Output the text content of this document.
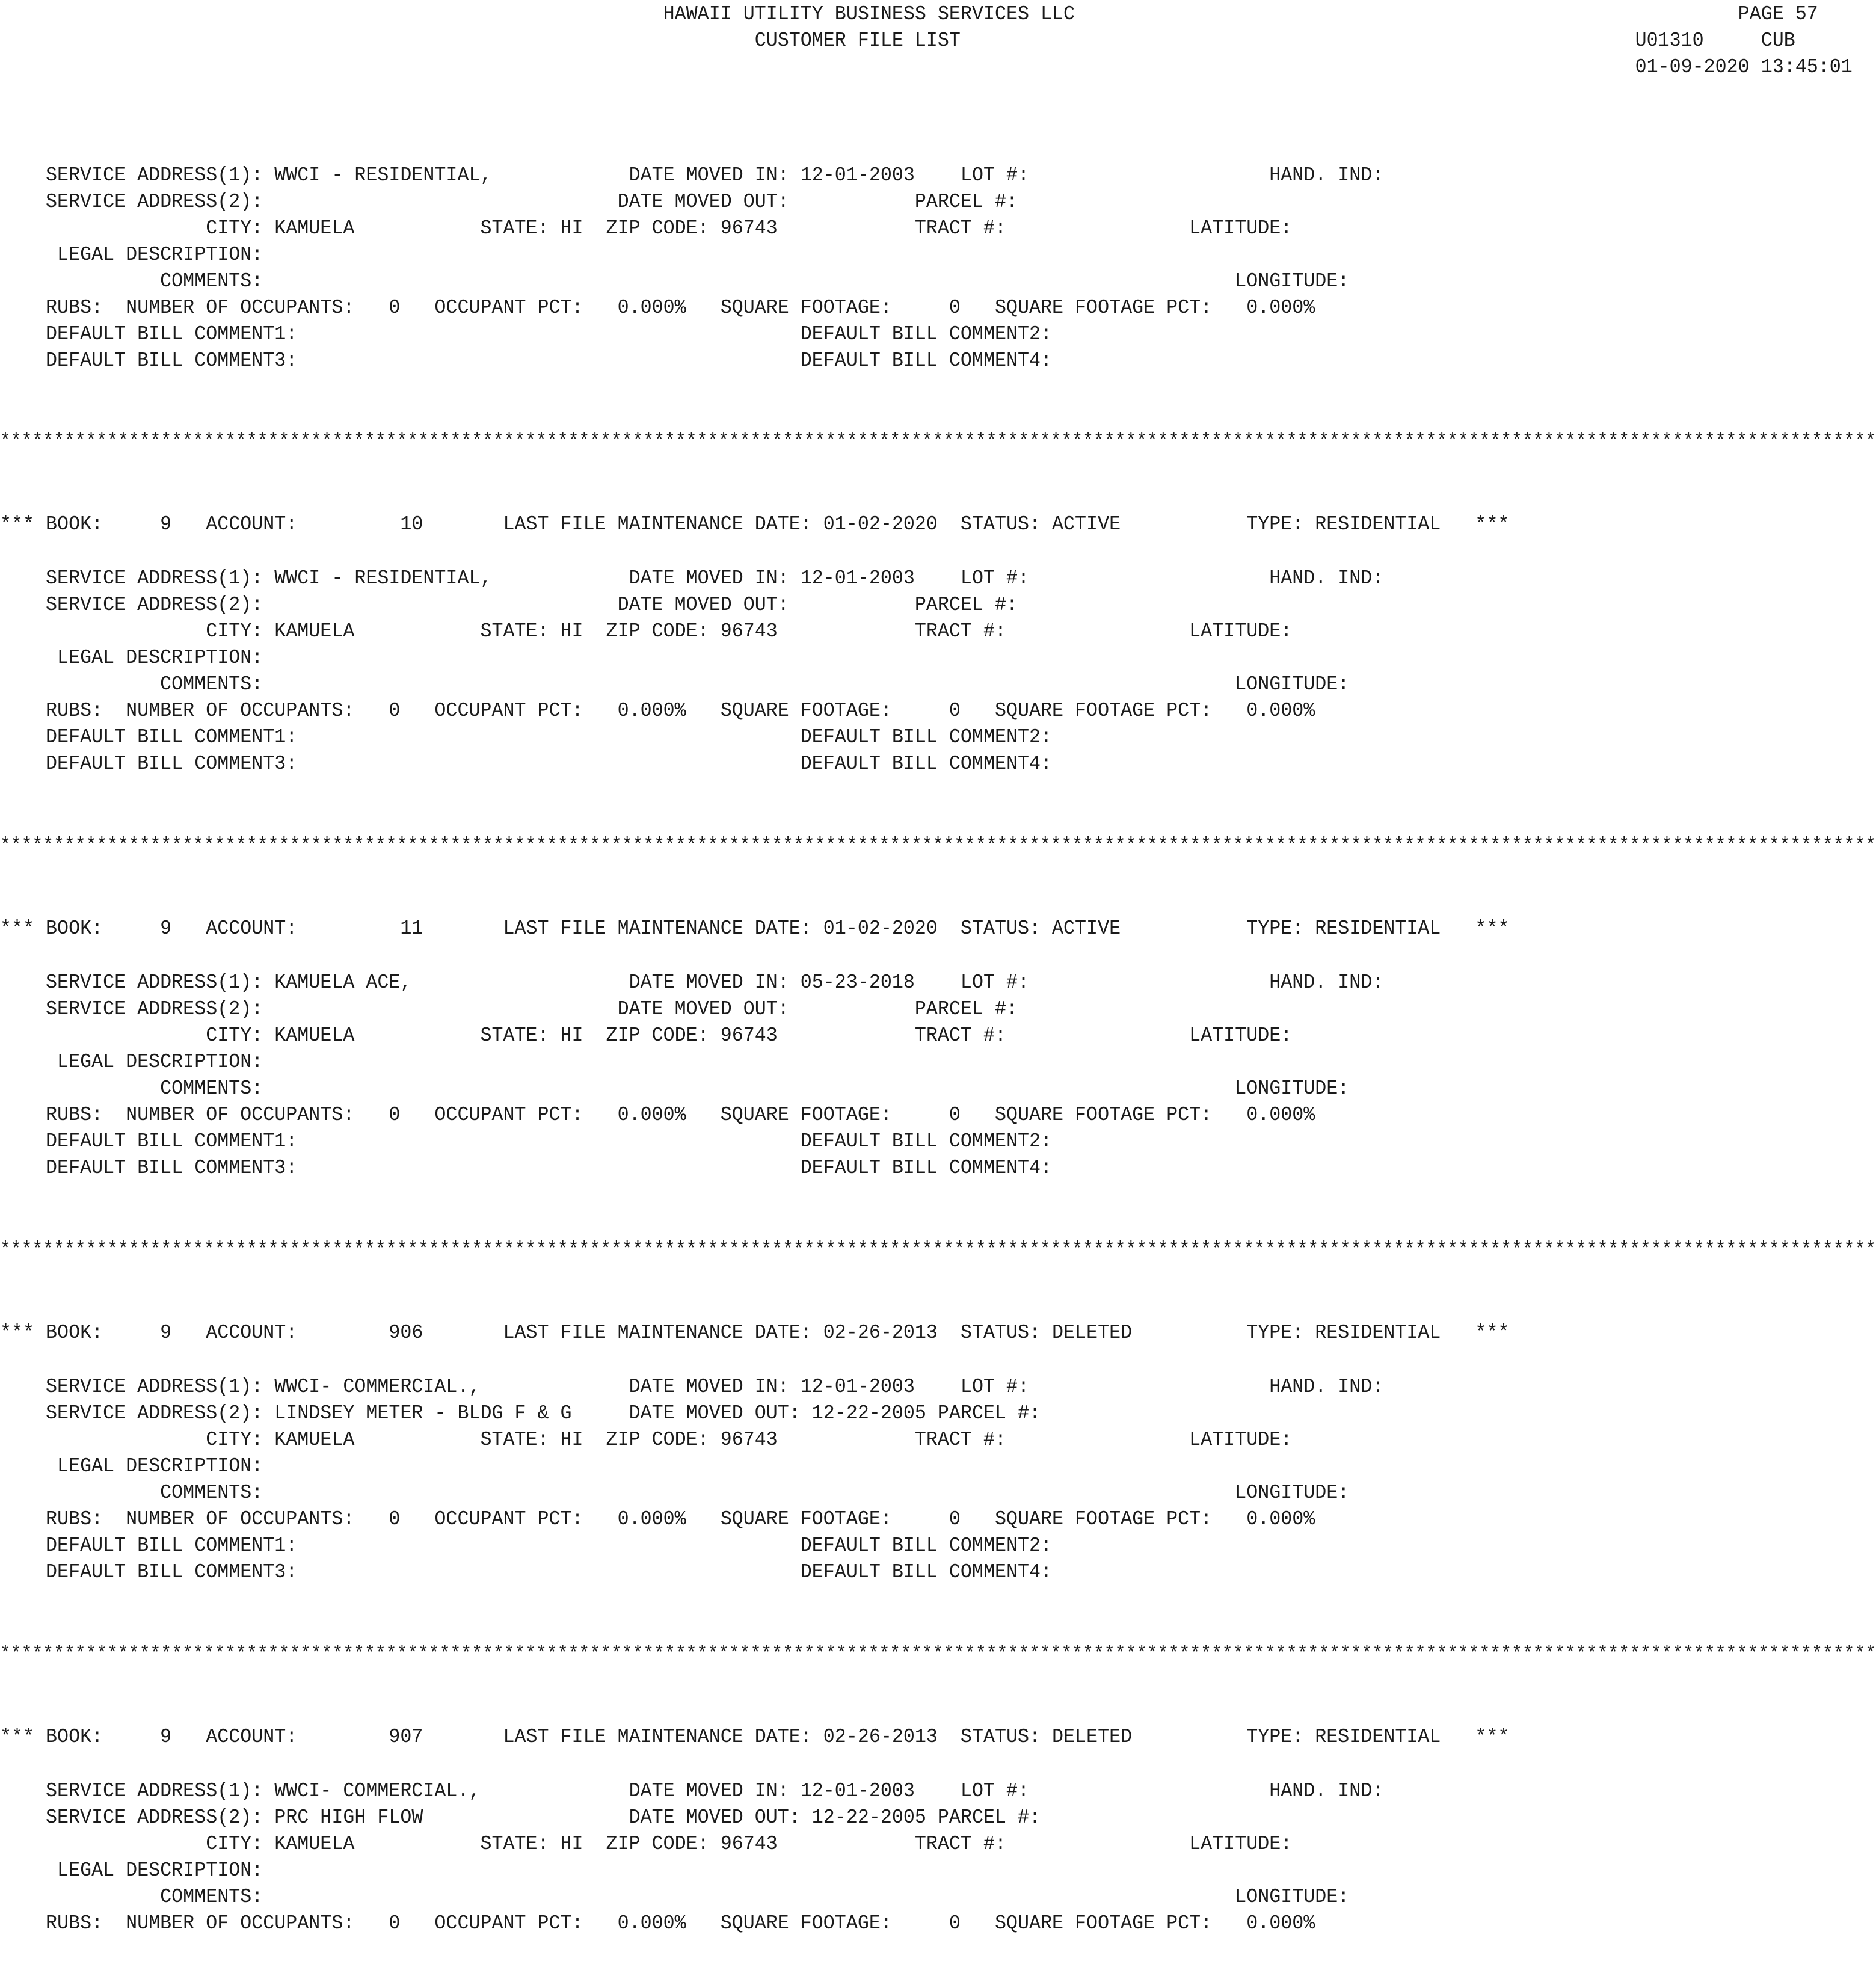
HAWAII UTILITY BUSINESS SERVICES LLC                                                          PAGE 57
CUSTOMER FILE LIST                                                           U01310     CUB
01-09-2020 13:45:01
SERVICE ADDRESS(1): WWCI - RESIDENTIAL,            DATE MOVED IN: 12-01-2003    LOT #:                     HAND. IND:
SERVICE ADDRESS(2):                               DATE MOVED OUT:           PARCEL #:
CITY: KAMUELA           STATE: HI  ZIP CODE: 96743            TRACT #:                LATITUDE:
LEGAL DESCRIPTION:
COMMENTS:                                                                                     LONGITUDE:
RUBS:  NUMBER OF OCCUPANTS:   0   OCCUPANT PCT:   0.000%   SQUARE FOOTAGE:     0   SQUARE FOOTAGE PCT:   0.000%
DEFAULT BILL COMMENT1:                                            DEFAULT BILL COMMENT2:
DEFAULT BILL COMMENT3:                                            DEFAULT BILL COMMENT4:
*******************************************************************************************************************************************************************************
*** BOOK:     9   ACCOUNT:         10       LAST FILE MAINTENANCE DATE: 01-02-2020  STATUS: ACTIVE           TYPE: RESIDENTIAL   ***
SERVICE ADDRESS(1): WWCI - RESIDENTIAL,            DATE MOVED IN: 12-01-2003    LOT #:                     HAND. IND:
SERVICE ADDRESS(2):                               DATE MOVED OUT:           PARCEL #:
CITY: KAMUELA           STATE: HI  ZIP CODE: 96743            TRACT #:                LATITUDE:
LEGAL DESCRIPTION:
COMMENTS:                                                                                     LONGITUDE:
RUBS:  NUMBER OF OCCUPANTS:   0   OCCUPANT PCT:   0.000%   SQUARE FOOTAGE:     0   SQUARE FOOTAGE PCT:   0.000%
DEFAULT BILL COMMENT1:                                            DEFAULT BILL COMMENT2:
DEFAULT BILL COMMENT3:                                            DEFAULT BILL COMMENT4:
*******************************************************************************************************************************************************************************
*** BOOK:     9   ACCOUNT:         11       LAST FILE MAINTENANCE DATE: 01-02-2020  STATUS: ACTIVE           TYPE: RESIDENTIAL   ***
SERVICE ADDRESS(1): KAMUELA ACE,                   DATE MOVED IN: 05-23-2018    LOT #:                     HAND. IND:
SERVICE ADDRESS(2):                               DATE MOVED OUT:           PARCEL #:
CITY: KAMUELA           STATE: HI  ZIP CODE: 96743            TRACT #:                LATITUDE:
LEGAL DESCRIPTION:
COMMENTS:                                                                                     LONGITUDE:
RUBS:  NUMBER OF OCCUPANTS:   0   OCCUPANT PCT:   0.000%   SQUARE FOOTAGE:     0   SQUARE FOOTAGE PCT:   0.000%
DEFAULT BILL COMMENT1:                                            DEFAULT BILL COMMENT2:
DEFAULT BILL COMMENT3:                                            DEFAULT BILL COMMENT4:
*******************************************************************************************************************************************************************************
*** BOOK:     9   ACCOUNT:        906       LAST FILE MAINTENANCE DATE: 02-26-2013  STATUS: DELETED          TYPE: RESIDENTIAL   ***
SERVICE ADDRESS(1): WWCI- COMMERCIAL.,             DATE MOVED IN: 12-01-2003    LOT #:                     HAND. IND:
SERVICE ADDRESS(2): LINDSEY METER - BLDG F & G     DATE MOVED OUT: 12-22-2005 PARCEL #:
CITY: KAMUELA           STATE: HI  ZIP CODE: 96743            TRACT #:                LATITUDE:
LEGAL DESCRIPTION:
COMMENTS:                                                                                     LONGITUDE:
RUBS:  NUMBER OF OCCUPANTS:   0   OCCUPANT PCT:   0.000%   SQUARE FOOTAGE:     0   SQUARE FOOTAGE PCT:   0.000%
DEFAULT BILL COMMENT1:                                            DEFAULT BILL COMMENT2:
DEFAULT BILL COMMENT3:                                            DEFAULT BILL COMMENT4:
*******************************************************************************************************************************************************************************
*** BOOK:     9   ACCOUNT:        907       LAST FILE MAINTENANCE DATE: 02-26-2013  STATUS: DELETED          TYPE: RESIDENTIAL   ***
SERVICE ADDRESS(1): WWCI- COMMERCIAL.,             DATE MOVED IN: 12-01-2003    LOT #:                     HAND. IND:
SERVICE ADDRESS(2): PRC HIGH FLOW                  DATE MOVED OUT: 12-22-2005 PARCEL #:
CITY: KAMUELA           STATE: HI  ZIP CODE: 96743            TRACT #:                LATITUDE:
LEGAL DESCRIPTION:
COMMENTS:                                                                                     LONGITUDE:
RUBS:  NUMBER OF OCCUPANTS:   0   OCCUPANT PCT:   0.000%   SQUARE FOOTAGE:     0   SQUARE FOOTAGE PCT:   0.000%
